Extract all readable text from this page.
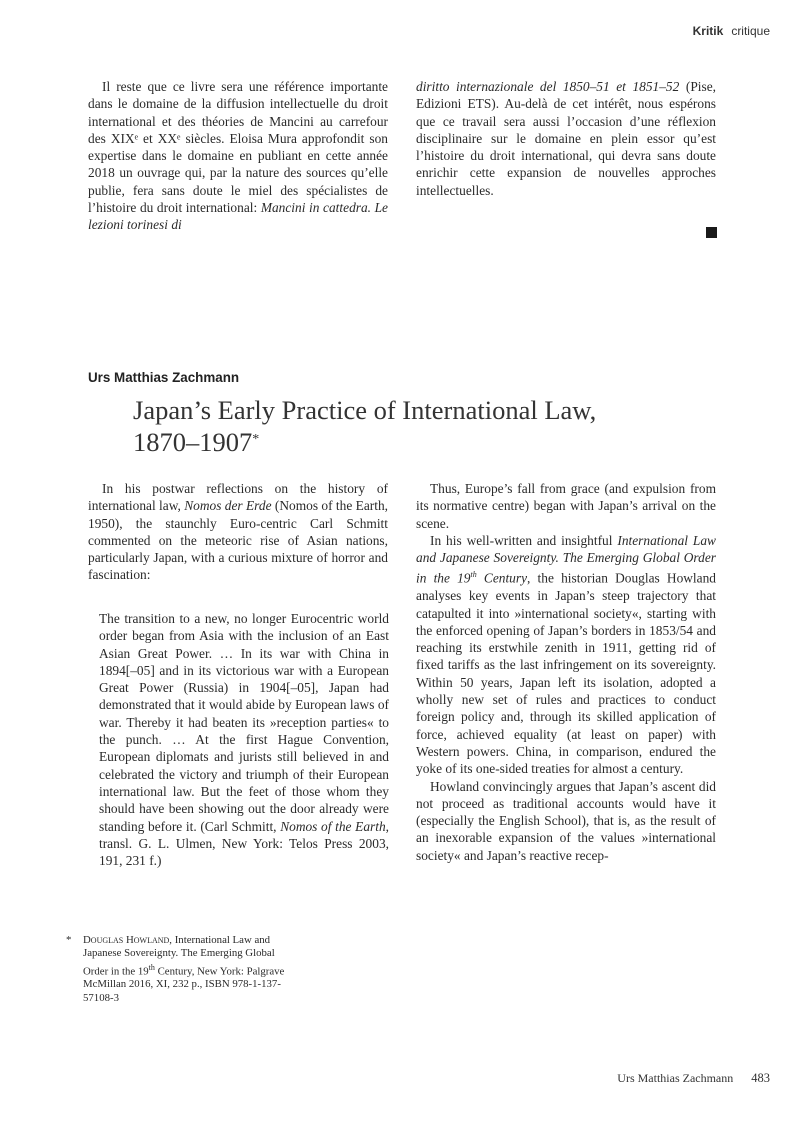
Kritik critique

Il reste que ce livre sera une référence importante dans le domaine de la diffusion intellectuelle du droit international et des théories de Mancini au carrefour des XIXᵉ et XXᵉ siècles. Eloisa Mura approfondit son expertise dans le domaine en publiant en cette année 2018 un ouvrage qui, par la nature des sources qu’elle publie, fera sans doute le miel des spécialistes de l’histoire du droit international: Mancini in cattedra. Le lezioni torinesi di

diritto internazionale del 1850–51 et 1851–52 (Pise, Edizioni ETS). Au-delà de cet intérêt, nous espérons que ce travail sera aussi l’occasion d’une réflexion disciplinaire sur le domaine en plein essor qu’est l’histoire du droit international, qui devra sans doute enrichir cette expansion de nouvelles approches intellectuelles.

Urs Matthias Zachmann
Japan’s Early Practice of International Law,
1870–1907*

In his postwar reflections on the history of international law, Nomos der Erde (Nomos of the Earth, 1950), the staunchly Euro-centric Carl Schmitt commented on the meteoric rise of Asian nations, particularly Japan, with a curious mixture of horror and fascination:

The transition to a new, no longer Eurocentric world order began from Asia with the inclusion of an East Asian Great Power. … In its war with China in 1894[–05] and in its victorious war with a European Great Power (Russia) in 1904[–05], Japan had demonstrated that it would abide by European laws of war. Thereby it had beaten its »reception parties« to the punch. … At the first Hague Convention, European diplomats and jurists still believed in and celebrated the victory and triumph of their European international law. But the feet of those whom they should have been showing out the door already were standing before it. (Carl Schmitt, Nomos of the Earth, transl. G. L. Ulmen, New York: Telos Press 2003, 191, 231 f.)

Thus, Europe’s fall from grace (and expulsion from its normative centre) began with Japan’s arrival on the scene.

In his well-written and insightful International Law and Japanese Sovereignty. The Emerging Global Order in the 19th Century, the historian Douglas Howland analyses key events in Japan’s steep trajectory that catapulted it into »international society«, starting with the enforced opening of Japan’s borders in 1853/54 and reaching its erstwhile zenith in 1911, getting rid of fixed tariffs as the last infringement on its sovereignty. Within 50 years, Japan left its isolation, adopted a wholly new set of rules and practices to conduct foreign policy and, through its skilled application of force, achieved equality (at least on paper) with Western powers. China, in comparison, endured the yoke of its one-sided treaties for almost a century.

Howland convincingly argues that Japan’s ascent did not proceed as traditional accounts would have it (especially the English School), that is, as the result of an inexorable expansion of the values »international society« and Japan’s reactive recep-

* Douglas Howland, International Law and Japanese Sovereignty. The Emerging Global Order in the 19th Century, New York: Palgrave McMillan 2016, XI, 232 p., ISBN 978-1-137-57108-3
Urs Matthias Zachmann 483
